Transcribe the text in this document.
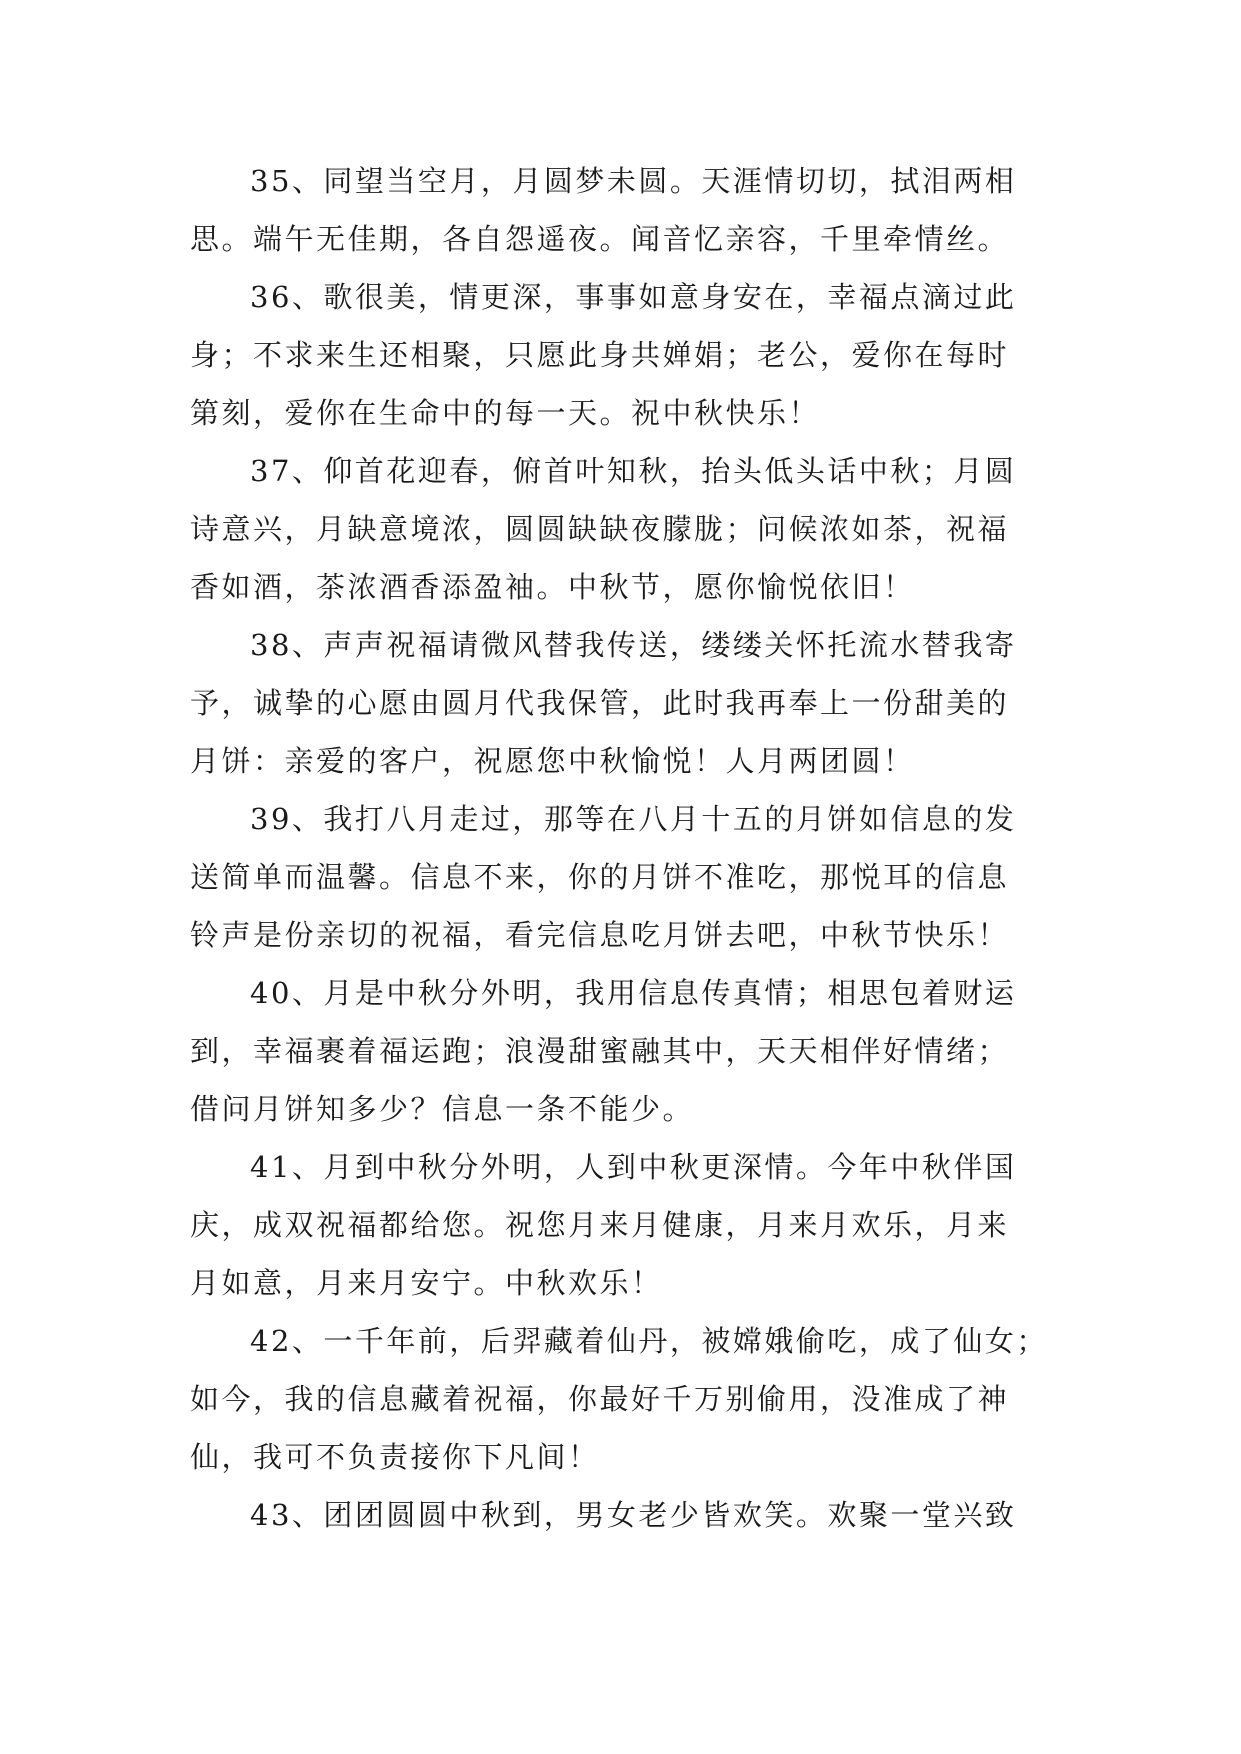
35、同望当空月，月圆梦未圆。天涯情切切，拭泪两相
思。端午无佳期，各自怨遥夜。闻音忆亲容，千里牵情丝。
36、歌很美，情更深，事事如意身安在，幸福点滴过此
身；不求来生还相聚，只愿此身共婵娟；老公，爱你在每时
第刻，爱你在生命中的每一天。祝中秋快乐！
37、仰首花迎春，俯首叶知秋，抬头低头话中秋；月圆
诗意兴，月缺意境浓，圆圆缺缺夜朦胧；问候浓如茶，祝福
香如酒，茶浓酒香添盈袖。中秋节，愿你愉悦依旧！
38、声声祝福请微风替我传送，缕缕关怀托流水替我寄
予，诚挚的心愿由圆月代我保管，此时我再奉上一份甜美的
月饼：亲爱的客户，祝愿您中秋愉悦！人月两团圆！
39、我打八月走过，那等在八月十五的月饼如信息的发
送简单而温馨。信息不来，你的月饼不准吃，那悦耳的信息
铃声是份亲切的祝福，看完信息吃月饼去吧，中秋节快乐！
40、月是中秋分外明，我用信息传真情；相思包着财运
到，幸福裹着福运跑；浪漫甜蜜融其中，天天相伴好情绪；
借问月饼知多少？信息一条不能少。
41、月到中秋分外明，人到中秋更深情。今年中秋伴国
庆，成双祝福都给您。祝您月来月健康，月来月欢乐，月来
月如意，月来月安宁。中秋欢乐！
42、一千年前，后羿藏着仙丹，被嫦娥偷吃，成了仙女；
如今，我的信息藏着祝福，你最好千万别偷用，没准成了神
仙，我可不负责接你下凡间！
43、团团圆圆中秋到，男女老少皆欢笑。欢聚一堂兴致
